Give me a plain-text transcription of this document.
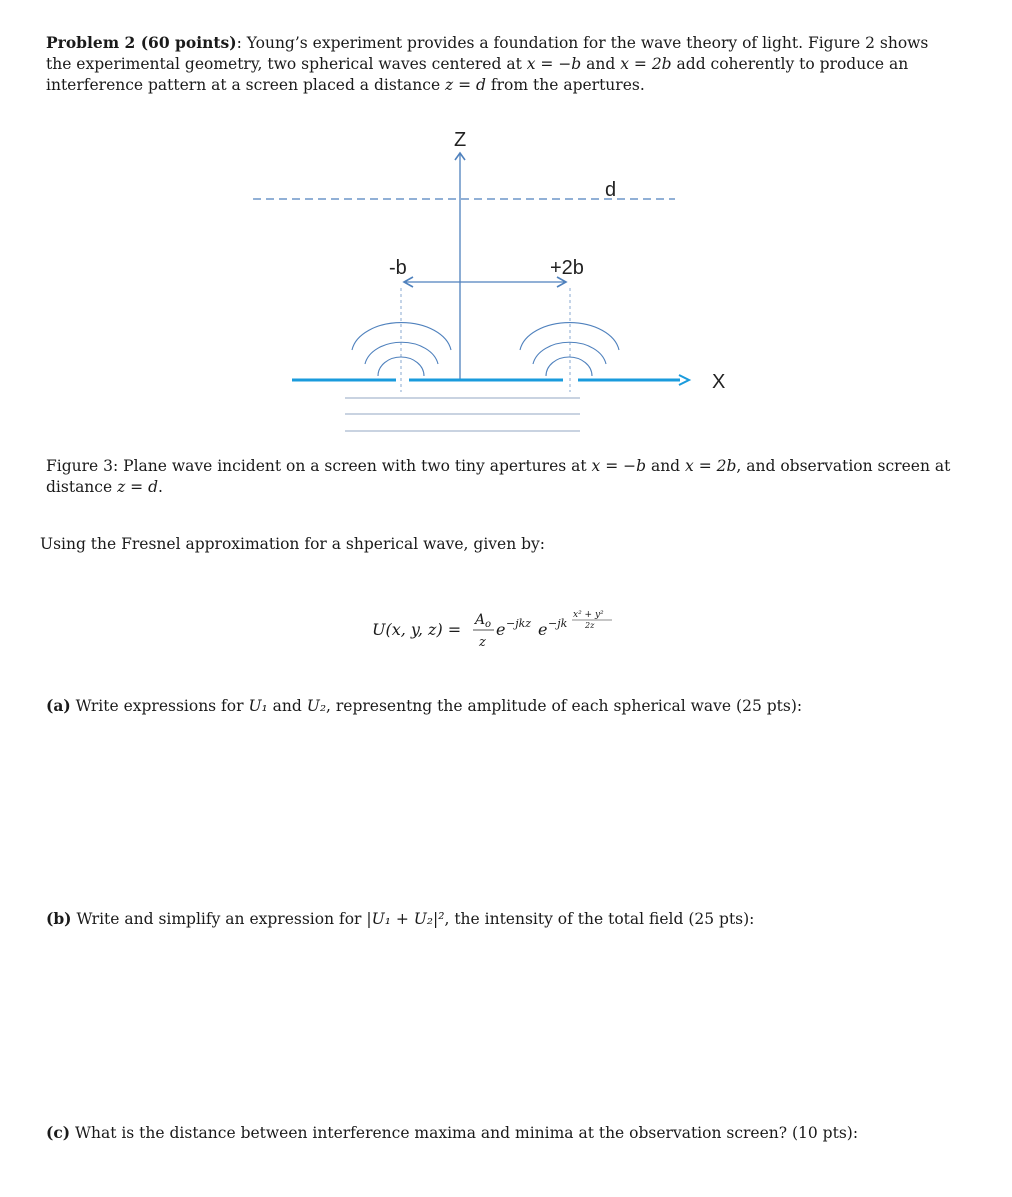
Problem 2 (60 points): Young’s experiment provides a foundation for the wave theory of light. Figure 2 shows the experimental geometry, two spherical waves centered at x = −b and x = 2b add coherently to produce an interference pattern at a screen placed a distance z = d from the apertures.
Z
d
-b	+2b
X
Figure 3: Plane wave incident on a screen with two tiny apertures at x = −b and x = 2b, and observation screen at distance z = d.
Using the Fresnel approximation for a shperical wave, given by:
U(x, y, z) = A o
z
e −jkz e −jk
x² + y²
2z
(a) Write expressions for U₁ and U₂, representng the amplitude of each spherical wave (25 pts):
(b) Write and simplify an expression for |U₁ + U₂|², the intensity of the total field (25 pts):
(c) What is the distance between interference maxima and minima at the observation screen? (10 pts):
